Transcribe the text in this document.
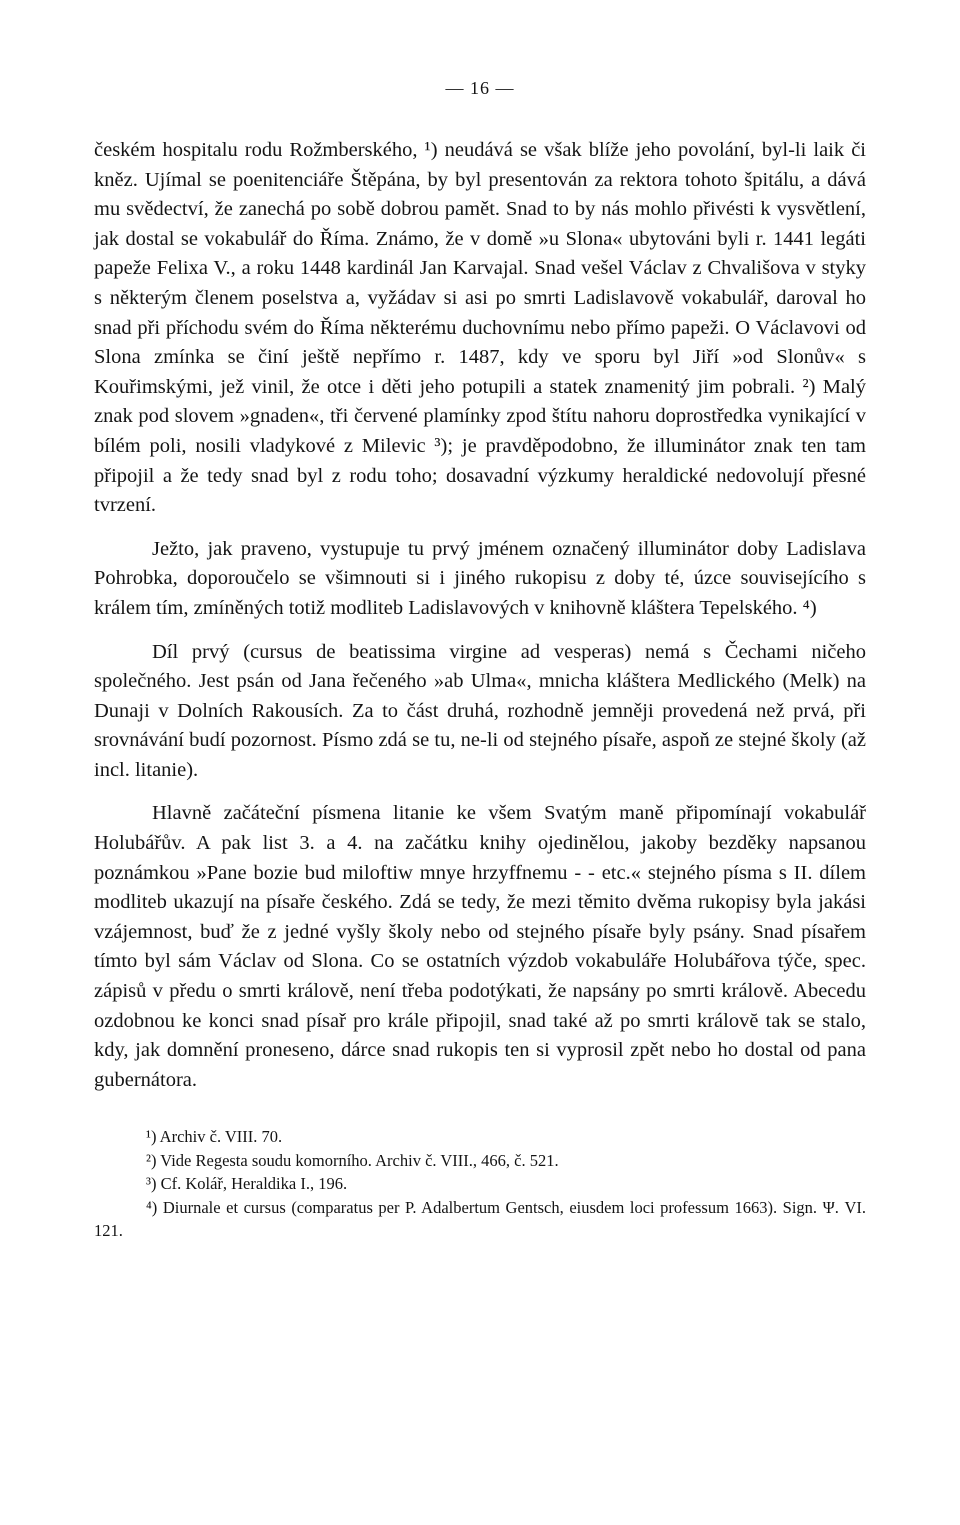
— 16 —

českém hospitalu rodu Rožmberského, ¹) neudává se však blíže jeho povolání, byl-li laik či kněz. Ujímal se poenitenciáře Štěpána, by byl presentován za rektora tohoto špitálu, a dává mu svědectví, že zanechá po sobě dobrou pamět. Snad to by nás mohlo přivésti k vysvětlení, jak dostal se vokabulář do Říma. Známo, že v domě »u Slona« ubytováni byli r. 1441 legáti papeže Felixa V., a roku 1448 kardinál Jan Karvajal. Snad vešel Václav z Chvališova v styky s některým členem poselstva a, vyžádav si asi po smrti Ladislavově vokabulář, daroval ho snad při příchodu svém do Říma některému duchovnímu nebo přímo papeži. O Václavovi od Slona zmínka se činí ještě nepřímo r. 1487, kdy ve sporu byl Jiří »od Slonův« s Kouřimskými, jež vinil, že otce i děti jeho potupili a statek znamenitý jim pobrali. ²) Malý znak pod slovem »gnaden«, tři červené plamínky zpod štítu nahoru doprostředka vynikající v bílém poli, nosili vladykové z Milevic ³); je pravděpodobno, že illuminátor znak ten tam připojil a že tedy snad byl z rodu toho; dosavadní výzkumy heraldické nedovolují přesné tvrzení.

Ježto, jak praveno, vystupuje tu prvý jménem označený illuminátor doby Ladislava Pohrobka, doporoučelo se všimnouti si i jiného rukopisu z doby té, úzce souvisejícího s králem tím, zmíněných totiž modliteb Ladislavových v knihovně kláštera Tepelského. ⁴)

Díl prvý (cursus de beatissima virgine ad vesperas) nemá s Čechami ničeho společného. Jest psán od Jana řečeného »ab Ulma«, mnicha kláštera Medlického (Melk) na Dunaji v Dolních Rakousích. Za to část druhá, rozhodně jemněji provedená než prvá, při srovnávání budí pozornost. Písmo zdá se tu, ne-li od stejného písaře, aspoň ze stejné školy (až incl. litanie).

Hlavně začáteční písmena litanie ke všem Svatým maně připomínají vokabulář Holubářův. A pak list 3. a 4. na začátku knihy ojedinělou, jakoby bezděky napsanou poznámkou »Pane bozie bud miloftiw mnye hrzyffnemu - - etc.« stejného písma s II. dílem modliteb ukazují na písaře českého. Zdá se tedy, že mezi těmito dvěma rukopisy byla jakási vzájemnost, buď že z jedné vyšly školy nebo od stejného písaře byly psány. Snad písařem tímto byl sám Václav od Slona. Co se ostatních výzdob vokabuláře Holubářova týče, spec. zápisů v předu o smrti králově, není třeba podotýkati, že napsány po smrti králově. Abecedu ozdobnou ke konci snad písař pro krále připojil, snad také až po smrti královĕ tak se stalo, kdy, jak domnění proneseno, dárce snad rukopis ten si vyprosil zpět nebo ho dostal od pana gubernátora.

¹) Archiv č. VIII. 70.

²) Vide Regesta soudu komorního. Archiv č. VIII., 466, č. 521.

³) Cf. Kolář, Heraldika I., 196.

⁴) Diurnale et cursus (comparatus per P. Adalbertum Gentsch, eiusdem loci professum 1663). Sign. Ψ. VI. 121.
